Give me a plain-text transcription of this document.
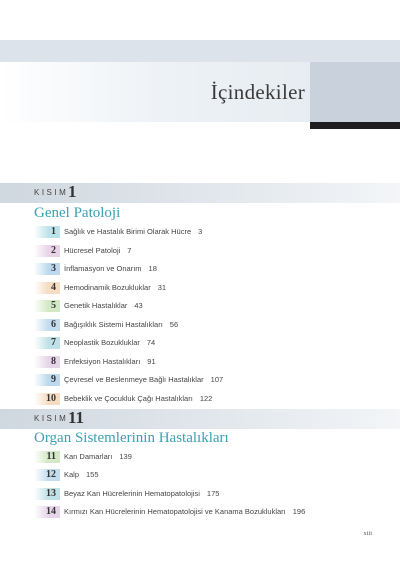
İçindekiler
KISIM 1
Genel Patoloji
1	Sağlık ve Hastalık Birimi Olarak Hücre 3
2	Hücresel Patoloji 7
3	İnflamasyon ve Onarım 18
4	Hemodinamik Bozukluklar 31
5	Genetik Hastalıklar 43
6	Bağışıklık Sistemi Hastalıkları 56
7	Neoplastik Bozukluklar 74
8	Enfeksiyon Hastalıkları 91
9	Çevresel ve Beslenmeye Bağlı Hastalıklar 107
10	Bebeklik ve Çocukluk Çağı Hastalıkları 122
KISIM 11
Organ Sistemlerinin Hastalıkları
11	Kan Damarları 139
12	Kalp 155
13	Beyaz Kan Hücrelerinin Hematopatolojisi 175
14	Kırmızı Kan Hücrelerinin Hematopatolojisi ve Kanama Bozuklukları 196
xiii
